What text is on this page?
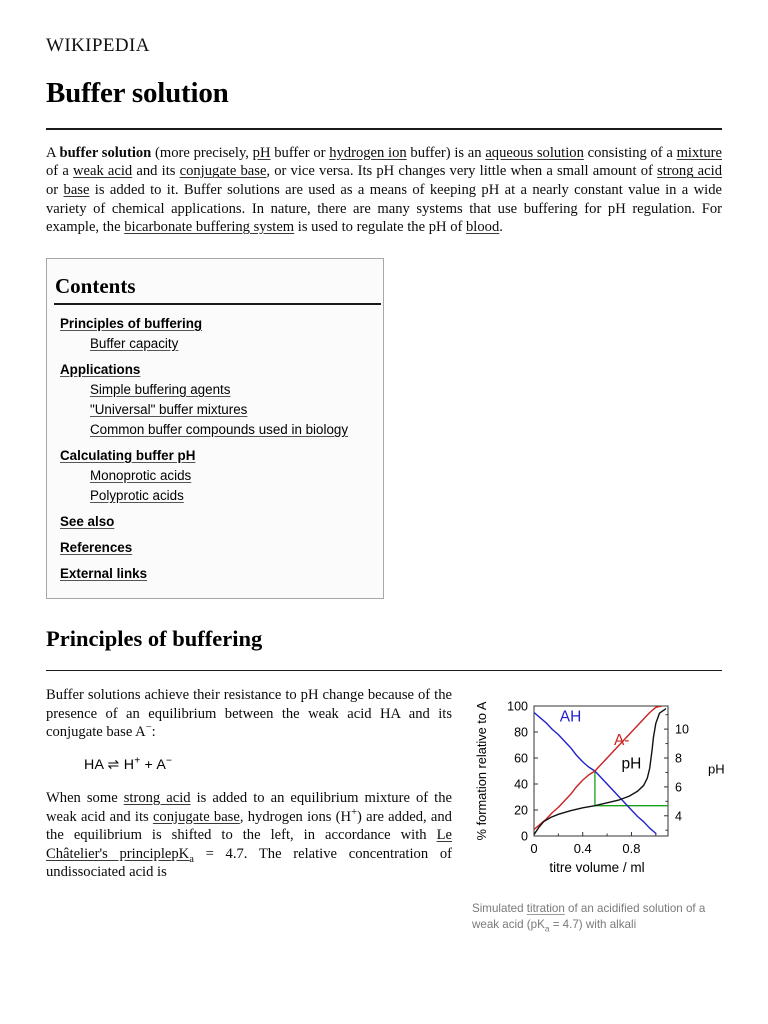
WIKIPEDIA
Buffer solution

A buffer solution (more precisely, pH buffer or hydrogen ion buffer) is an aqueous solution consisting of a mixture of a weak acid and its conjugate base, or vice versa. Its pH changes very little when a small amount of strong acid or base is added to it. Buffer solutions are used as a means of keeping pH at a nearly constant value in a wide variety of chemical applications. In nature, there are many systems that use buffering for pH regulation. For example, the bicarbonate buffering system is used to regulate the pH of blood.

Contents
Principles of buffering
Buffer capacity
Applications
Simple buffering agents
"Universal" buffer mixtures
Common buffer compounds used in biology
Calculating buffer pH
Monoprotic acids
Polyprotic acids
See also
References
External links
Principles of buffering

Buffer solutions achieve their resistance to pH change because of the presence of an equilibrium between the weak acid HA and its conjugate base A−:

HA ⇌ H+ + A−

When some strong acid is added to an equilibrium mixture of the weak acid and its conjugate base, hydrogen ions (H+) are added, and the equilibrium is shifted to the left, in accordance with Le Châtelier's principlepK$_a$ = 4.7. The relative concentration of undissociated acid is

0
20
40
60
80
100
4
6
8
10
0	0.4 0.8
titre volume / ml
% formation relative to A	pH
AH
A-
pH
Simulated titration of an acidified solution of a weak acid $(pK_a = 4.7)$ with alkali
